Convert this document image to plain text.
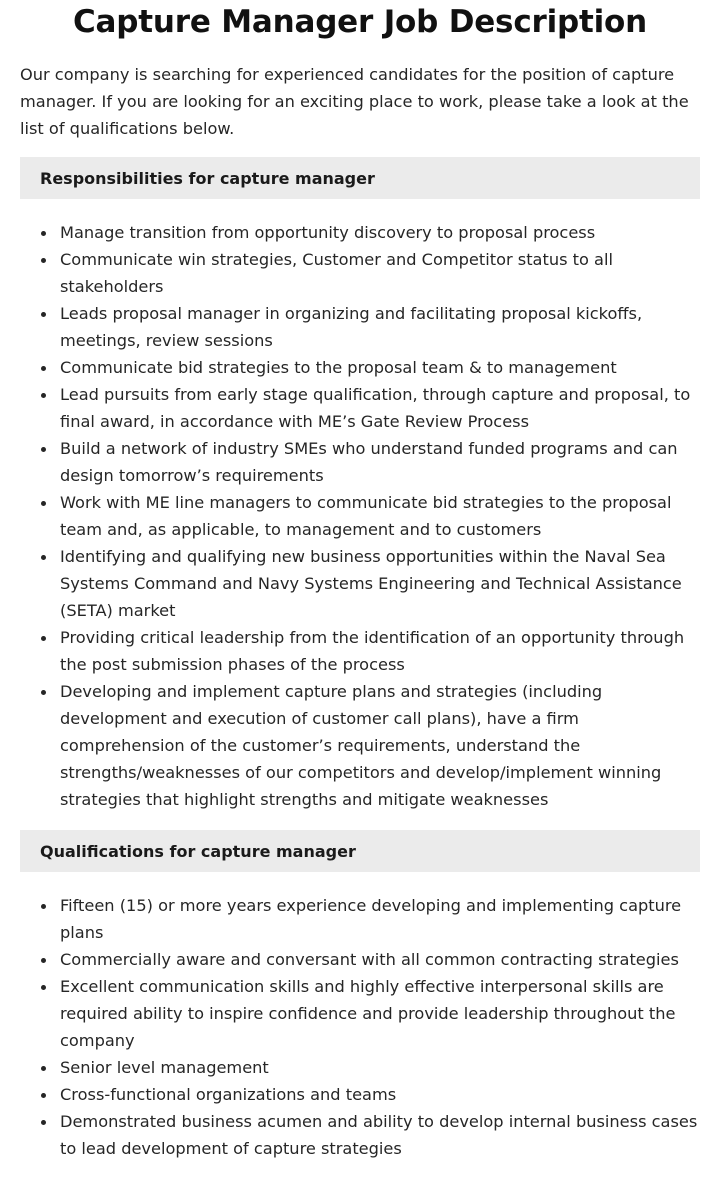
Capture Manager Job Description

Our company is searching for experienced candidates for the position of capture manager. If you are looking for an exciting place to work, please take a look at the list of qualifications below.

Responsibilities for capture manager
Manage transition from opportunity discovery to proposal process
Communicate win strategies, Customer and Competitor status to all stakeholders
Leads proposal manager in organizing and facilitating proposal kickoffs, meetings, review sessions
Communicate bid strategies to the proposal team & to management
Lead pursuits from early stage qualification, through capture and proposal, to final award, in accordance with ME’s Gate Review Process
Build a network of industry SMEs who understand funded programs and can design tomorrow’s requirements
Work with ME line managers to communicate bid strategies to the proposal team and, as applicable, to management and to customers
Identifying and qualifying new business opportunities within the Naval Sea Systems Command and Navy Systems Engineering and Technical Assistance (SETA) market
Providing critical leadership from the identification of an opportunity through the post submission phases of the process
Developing and implement capture plans and strategies (including development and execution of customer call plans), have a firm comprehension of the customer’s requirements, understand the strengths/weaknesses of our competitors and develop/implement winning strategies that highlight strengths and mitigate weaknesses
Qualifications for capture manager
Fifteen (15) or more years experience developing and implementing capture plans
Commercially aware and conversant with all common contracting strategies
Excellent communication skills and highly effective interpersonal skills are required ability to inspire confidence and provide leadership throughout the company
Senior level management
Cross-functional organizations and teams
Demonstrated business acumen and ability to develop internal business cases to lead development of capture strategies
